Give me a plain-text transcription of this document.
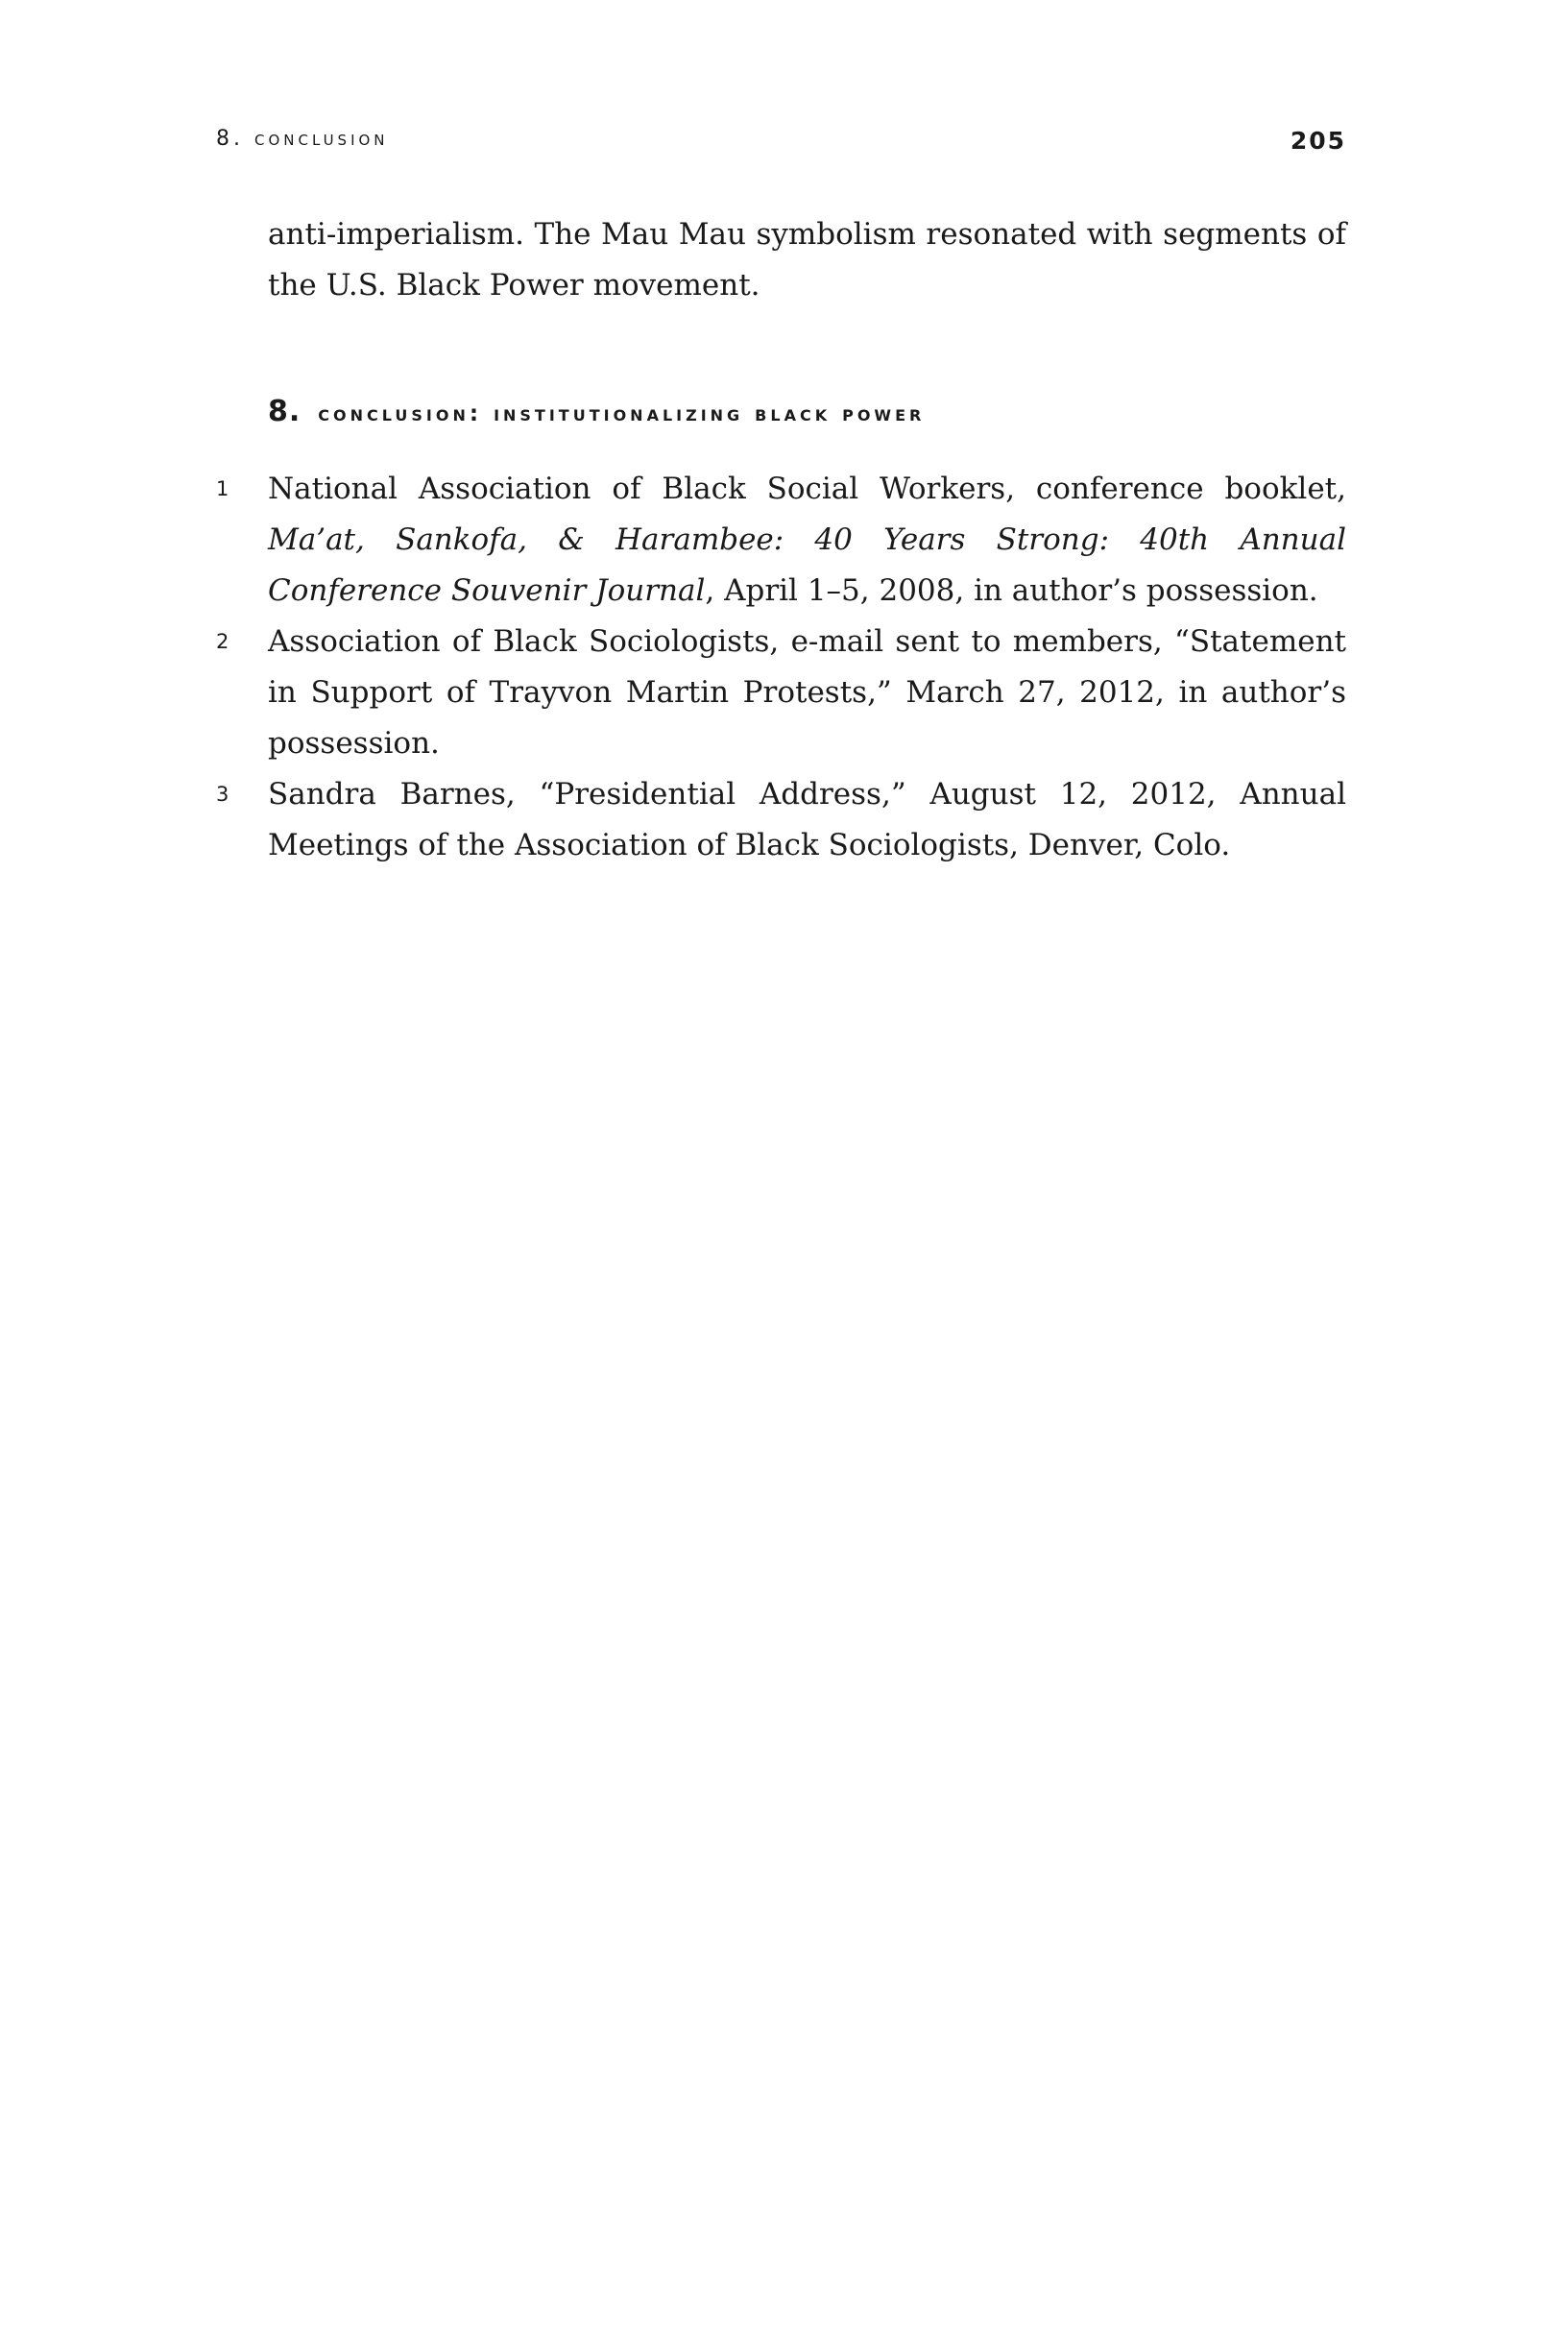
8. conclusion	205

anti-imperialism. The Mau Mau symbolism resonated with segments of the U.S. Black Power movement.

8. conclusion: institutionalizing black power
1 National Association of Black Social Workers, conference booklet, Ma’at, Sankofa, & Harambee: 40 Years Strong: 40th Annual Conference Souvenir Journal, April 1–5, 2008, in author’s possession.
2 Association of Black Sociologists, e-mail sent to members, “Statement in Support of Trayvon Martin Protests,” March 27, 2012, in author’s possession.
3 Sandra Barnes, “Presidential Address,” August 12, 2012, Annual Meetings of the Association of Black Sociologists, Denver, Colo.
